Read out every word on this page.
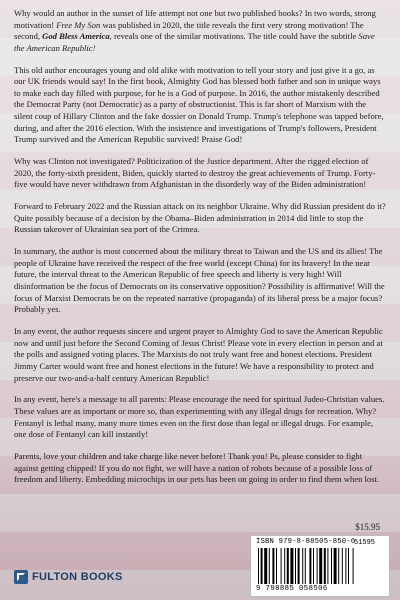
Why would an author in the sunset of life attempt not one but two published books? In two words, strong motivation! Free My Son was published in 2020, the title reveals the first very strong motivation! The second, God Bless America, reveals one of the similar motivations. The title could have the subtitle Save the American Republic!

This old author encourages young and old alike with motivation to tell your story and just give it a go, as our UK friends would say! In the first book, Almighty God has blessed both father and son in unique ways to make each day filled with purpose, for he is a God of purpose. In 2016, the author mistakenly described the Democrat Party (not Democratic) as a party of obstructionist. This is far short of Marxism with the silent coup of Hillary Clinton and the fake dossier on Donald Trump. Trump's telephone was tapped before, during, and after the 2016 election. With the insistence and investigations of Trump's followers, President Trump survived and the American Republic survived! Praise God!

Why was Clinton not investigated? Politicization of the Justice department. After the rigged election of 2020, the forty-sixth president, Biden, quickly started to destroy the great achievements of Trump. Forty-five would have never withdrawn from Afghanistan in the disorderly way of the Biden administration!

Forward to February 2022 and the Russian attack on its neighbor Ukraine. Why did Russian president do it? Quite possibly because of a decision by the Obama–Biden administration in 2014 did little to stop the Russian takeover of Ukrainian sea port of the Crimea.

In summary, the author is most concerned about the military threat to Taiwan and the US and its allies! The people of Ukraine have received the respect of the free world (except China) for its bravery! In the near future, the interval threat to the American Republic of free speech and liberty is very high! Will disinformation be the focus of Democrats on its conservative opposition? Possibility is affirmative! Will the focus of Marxist Democrats be on the repeated narrative (propaganda) of its liberal press be a major focus? Probably yes.

In any event, the author requests sincere and urgent prayer to Almighty God to save the American Republic now and until just before the Second Coming of Jesus Christ! Please vote in every election in person and at the polls and assigned voting places. The Marxists do not truly want free and honest elections. President Jimmy Carter would want free and honest elections in the future! We have a responsibility to protect and preserve our two-and-a-half century American Republic!

In any event, here's a message to all parents: Please encourage the need for spiritual Judeo-Christian values. These values are as important or more so, than experimenting with any illegal drugs for recreation. Why? Fentanyl is lethal many, many more times even on the first dose than legal or illegal drugs. For example, one dose of Fentanyl can kill instantly!

Parents, love your children and take charge like never before! Thank you! Ps, please consider to fight against getting chipped! If you do not fight, we will have a nation of robots because of a possible loss of freedom and liberty. Embedding microchips in our pets has been on going in order to find them when lost.

$15.95
ISBN 979-8-88505-850-6
51595
9 798885 058506
FULTON BOOKS
